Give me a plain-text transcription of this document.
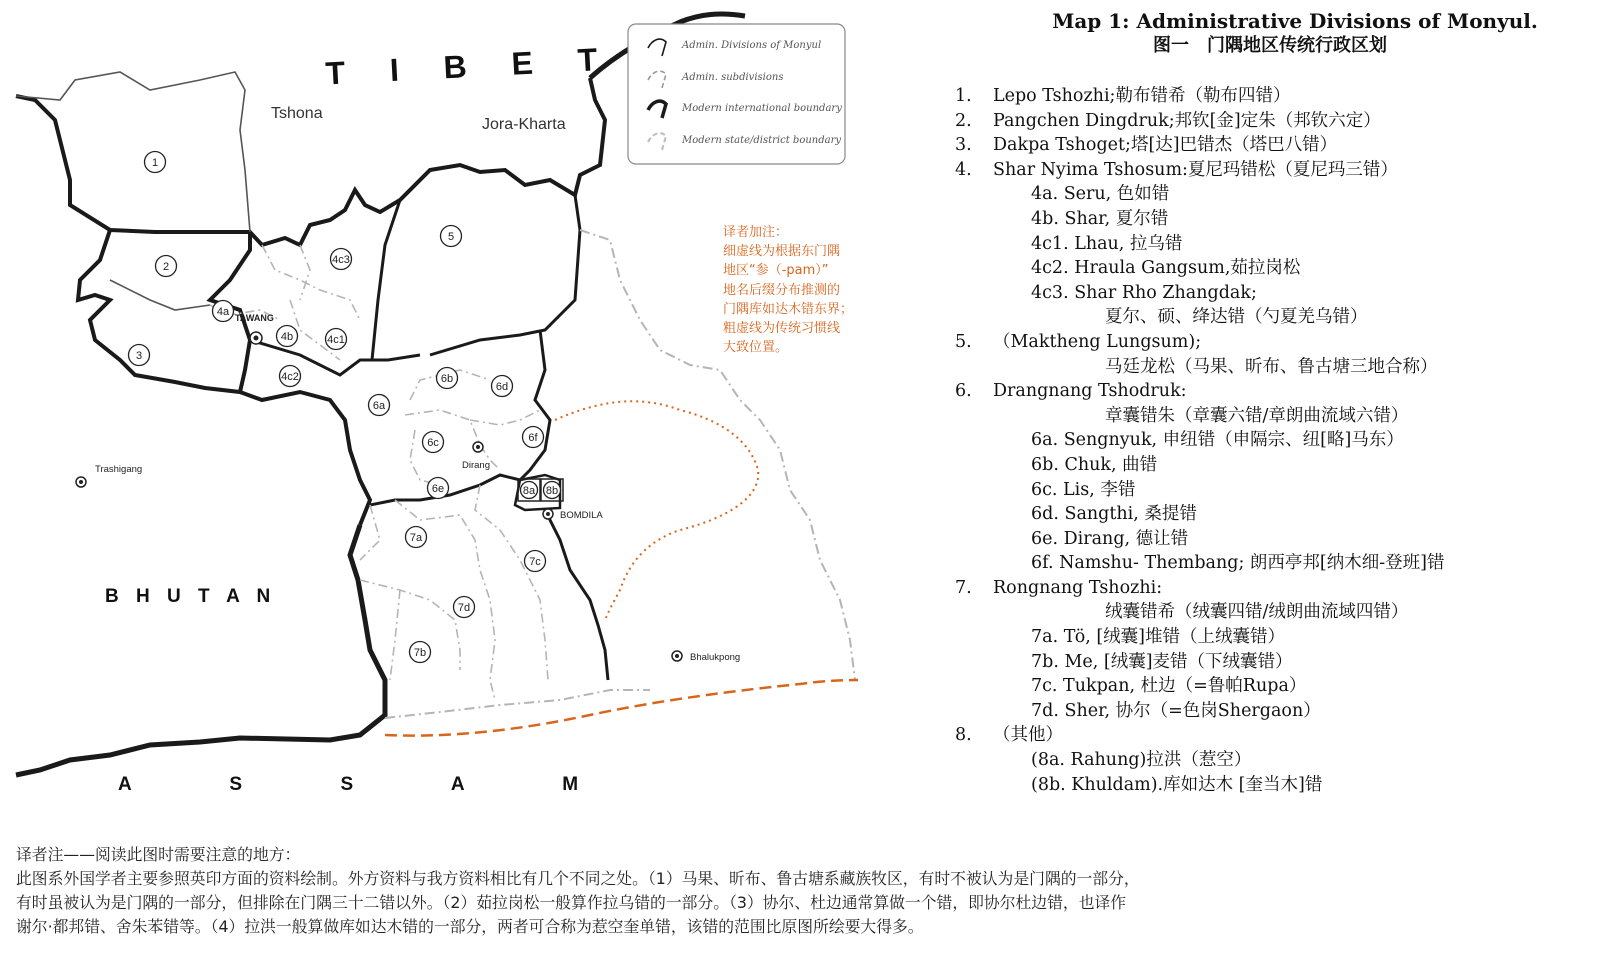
Admin. Divisions of Monyul
Admin. subdivisions
Modern international boundary
Modern state/district boundary
T I B E T
B H U T A N
A     S     S     A     M
Tshona
Jora-Kharta
TAWANG
Dirang
BOMDILA
Trashigang
Bhalukpong
1
2
3
4a
4b	4c1
4c2
4c3
5
6a
6b
6c
6d
6e
6f
7a
7b
7c
7d
8a 8b
译者加注：
细虚线为根据东门隅
地区“参（-pam）”
地名后缀分布推测的
门隅库如达木错东界；
粗虚线为传统习惯线
大致位置。
Map 1: Administrative Divisions of Monyul.
图一　门隅地区传统行政区划
1. Lepo Tshozhi;勒布错希（勒布四错）
2. Pangchen Dingdruk;邦钦[金]定朱（邦钦六定）
3. Dakpa Tshoget;塔[达]巴错杰（塔巴八错）
4. Shar Nyima Tshosum:夏尼玛错松（夏尼玛三错）
4a. Seru, 色如错
4b. Shar, 夏尔错
4c1. Lhau, 拉乌错
4c2. Hraula Gangsum,茹拉岗松
4c3. Shar Rho Zhangdak;
夏尔、硕、绛达错（勺夏羌乌错）
5. （Maktheng Lungsum);
马廷龙松（马果、昕布、鲁古塘三地合称）
6. Drangnang Tshodruk:
章囊错朱（章囊六错/章朗曲流域六错）
6a. Sengnyuk, 申纽错（申隔宗、纽[略]马东）
6b. Chuk, 曲错
6c. Lis, 李错
6d. Sangthi, 桑提错
6e. Dirang, 德让错
6f. Namshu- Thembang; 朗西亭邦[纳木细-登班]错
7. Rongnang Tshozhi:
绒囊错希（绒囊四错/绒朗曲流域四错）
7a. Tö, [绒囊]堆错（上绒囊错）
7b. Me, [绒囊]麦错（下绒囊错）
7c. Tukpan, 杜边（=鲁帕Rupa）
7d. Sher, 协尔（=色岗Shergaon）
8. （其他）
(8a. Rahung)拉洪（惹空）
(8b. Khuldam).库如达木 [奎当木]错
译者注——阅读此图时需要注意的地方：
此图系外国学者主要参照英印方面的资料绘制。外方资料与我方资料相比有几个不同之处。（1）马果、昕布、鲁古塘系藏族牧区，有时不被认为是门隅的一部分，
有时虽被认为是门隅的一部分，但排除在门隅三十二错以外。（2）茹拉岗松一般算作拉乌错的一部分。（3）协尔、杜边通常算做一个错，即协尔杜边错，也译作
谢尔·都邦错、舍朱苯错等。（4）拉洪一般算做库如达木错的一部分，两者可合称为惹空奎单错，该错的范围比原图所绘要大得多。
